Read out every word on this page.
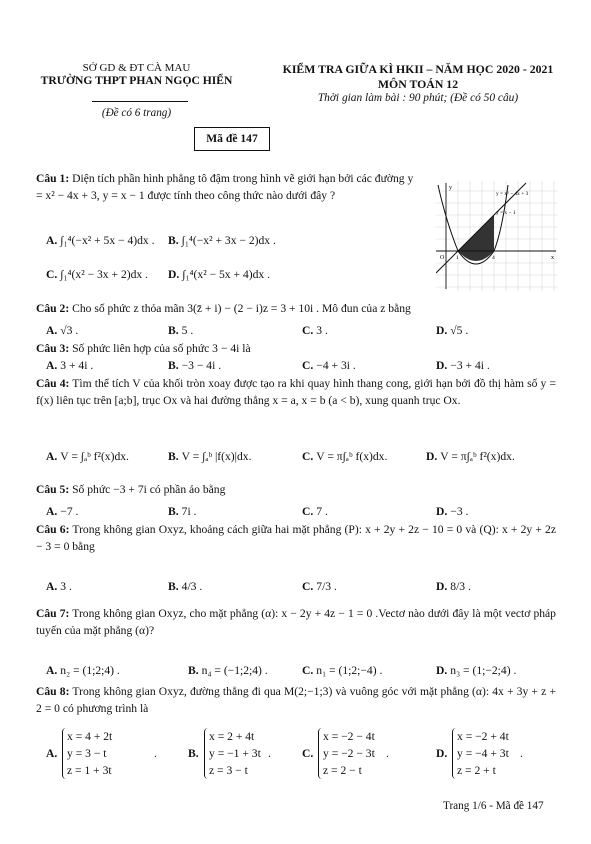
SỞ GD & ĐT CÀ MAU
TRƯỜNG THPT PHAN NGỌC HIỂN
(Đề có 6 trang)
Mã đề 147
KIỂM TRA GIỮA KÌ HKII – NĂM HỌC 2020 - 2021
MÔN TOÁN 12
Thời gian làm bài : 90 phút; (Đề có 50 câu)
Câu 1: Diện tích phần hình phẳng tô đậm trong hình vẽ giới hạn bởi các đường y = x² − 4x + 3, y = x − 1 được tính theo công thức nào dưới đây ?
A. ∫₁⁴(−x² + 5x − 4)dx . B. ∫₁⁴(−x² + 3x − 2)dx .
C. ∫₁⁴(x² − 3x + 2)dx . D. ∫₁⁴(x² − 5x + 4)dx .
y = x² − 4x + 3
y = x − 1
x
y
O 1	4
Câu 2: Cho số phức z thỏa mãn 3(z̄ + i) − (2 − i)z = 3 + 10i . Mô đun của z bằng
A. √3 .	B. 5 .	C. 3 .	D. √5 .
Câu 3: Số phức liên hợp của số phức 3 − 4i là
A. 3 + 4i .	B. −3 − 4i .	C. −4 + 3i .	D. −3 + 4i .
Câu 4: Tìm thể tích V của khối tròn xoay được tạo ra khi quay hình thang cong, giới hạn bởi đồ thị hàm số y = f(x) liên tục trên [a;b], trục Ox và hai đường thẳng x = a, x = b (a < b), xung quanh trục Ox.
A. V = ∫ₐᵇ f²(x)dx.	B. V = ∫ₐᵇ |f(x)|dx.	C. V = π∫ₐᵇ f(x)dx.	D. V = π∫ₐᵇ f²(x)dx.
Câu 5: Số phức −3 + 7i có phần ảo bằng
A. −7 .	B. 7i .	C. 7 .	D. −3 .
Câu 6: Trong không gian Oxyz, khoảng cách giữa hai mặt phẳng (P): x + 2y + 2z − 10 = 0 và (Q): x + 2y + 2z − 3 = 0 bằng
A. 3 .	B. 4/3 .	C. 7/3 .	D. 8/3 .
Câu 7: Trong không gian Oxyz, cho mặt phẳng (α): x − 2y + 4z − 1 = 0 .Vectơ nào dưới đây là một vectơ pháp tuyến của mặt phẳng (α)?
A. n₂ = (1;2;4) .	B. n₄ = (−1;2;4) .	C. n₁ = (1;2;−4) .	D. n₃ = (1;−2;4) .
Câu 8: Trong không gian Oxyz, đường thẳng đi qua M(2;−1;3) và vuông góc với mặt phẳng (α): 4x + 3y + z + 2 = 0 có phương trình là
A.
x = 4 + 2t
y = 3 − t
z = 1 + 3t
.	B.
x = 2 + 4t
y = −1 + 3t
z = 3 − t
.	C.
x = −2 − 4t
y = −2 − 3t
z = 2 − t
.	D.
x = −2 + 4t
y = −4 + 3t
z = 2 + t
.
Trang 1/6 - Mã đề 147
